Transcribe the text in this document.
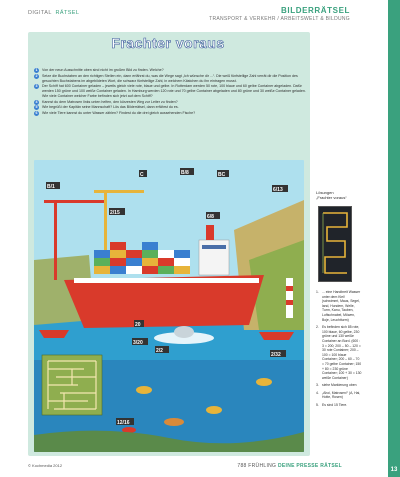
DIGITAL RÄTSEL	BILDERRÄTSEL
TRANSPORT & VERKEHR / ARBEITSWELT & BILDUNG
13
Frachter voraus
1	Von der neun Ausschnitte oben sind nicht im großen Bild zu finden. Welche?
2	Setze die Buchstaben an den richtigen Stellen ein, dann erfährst du, was die Wege sagt „Ich wünsche dir ...“. Die weiß fünfstellige Zahl verrät dir die Position des gesuchten Buchstabens im abgebildeten Wort, die schwarz fünfstellige Zahl, in welchem Kästchen du ihn eintragen musst.
3	Der Schiff hat 600 Container geladen – jeweils gleich viele rote, blaue und gelbe. In Rotterdam werden 50 rote, 100 blaue und 60 gelbe Container abgeladen. Dafür werden 150 grüne und 100 weiße Container geladen. In Hamburg werden 120 rote und 70 gelbe Container abgeladen und 80 grüne und 30 weiße Container geladen. Wie viele Container welcher Farbe befinden sich jetzt auf dem Schiff?
4	Kannst du dem Matrosen links unten helfen, den kürzesten Weg zur Leiter zu finden?
5	Wie begrüßt der Kapitän seine Mannschaft? Lös das Bilderrätsel, dann erfährst du es.
6	Wie viele Tiere kannst du unter Wasser zählen? Findest du die drei gleich aussehenden Fische?
B/1
B/8
C	BC
6/13
2/15
6/8
3/20
2/2
12/16
2/32
20
Lösungen
„Frachter voraus“
1. ... eine Handbreit Wasser unter dem Kiel! (schwimmt, Maus, Segel, land, Hundern, Welle, Turm, Kanu, Tauben, Luftschnabel, Möwen, Boje, Leuchtturm)
2. Es befinden sich 85 rote, 100 blaue, 60 gelbe, 230 grüne und 130 weiße Container an Bord. (600 : 3 = 200; 200 – 50 – 120 = 30 rote Container; 200 – 100 = 100 blaue Container; 200 – 60 – 70 = 70 gelbe Container; 150 + 80 = 230 grüne Container; 100 + 30 = 130 weiße Container)
3. siehe Markierung oben
4. „Ahoi, Matrosen!“ (A, Hai, Hotte, Rosen)
5. Es sind 15 Tiere.
© Kochmedia 2012	788 FRÜHLING DEINE PRESSE RÄTSEL
